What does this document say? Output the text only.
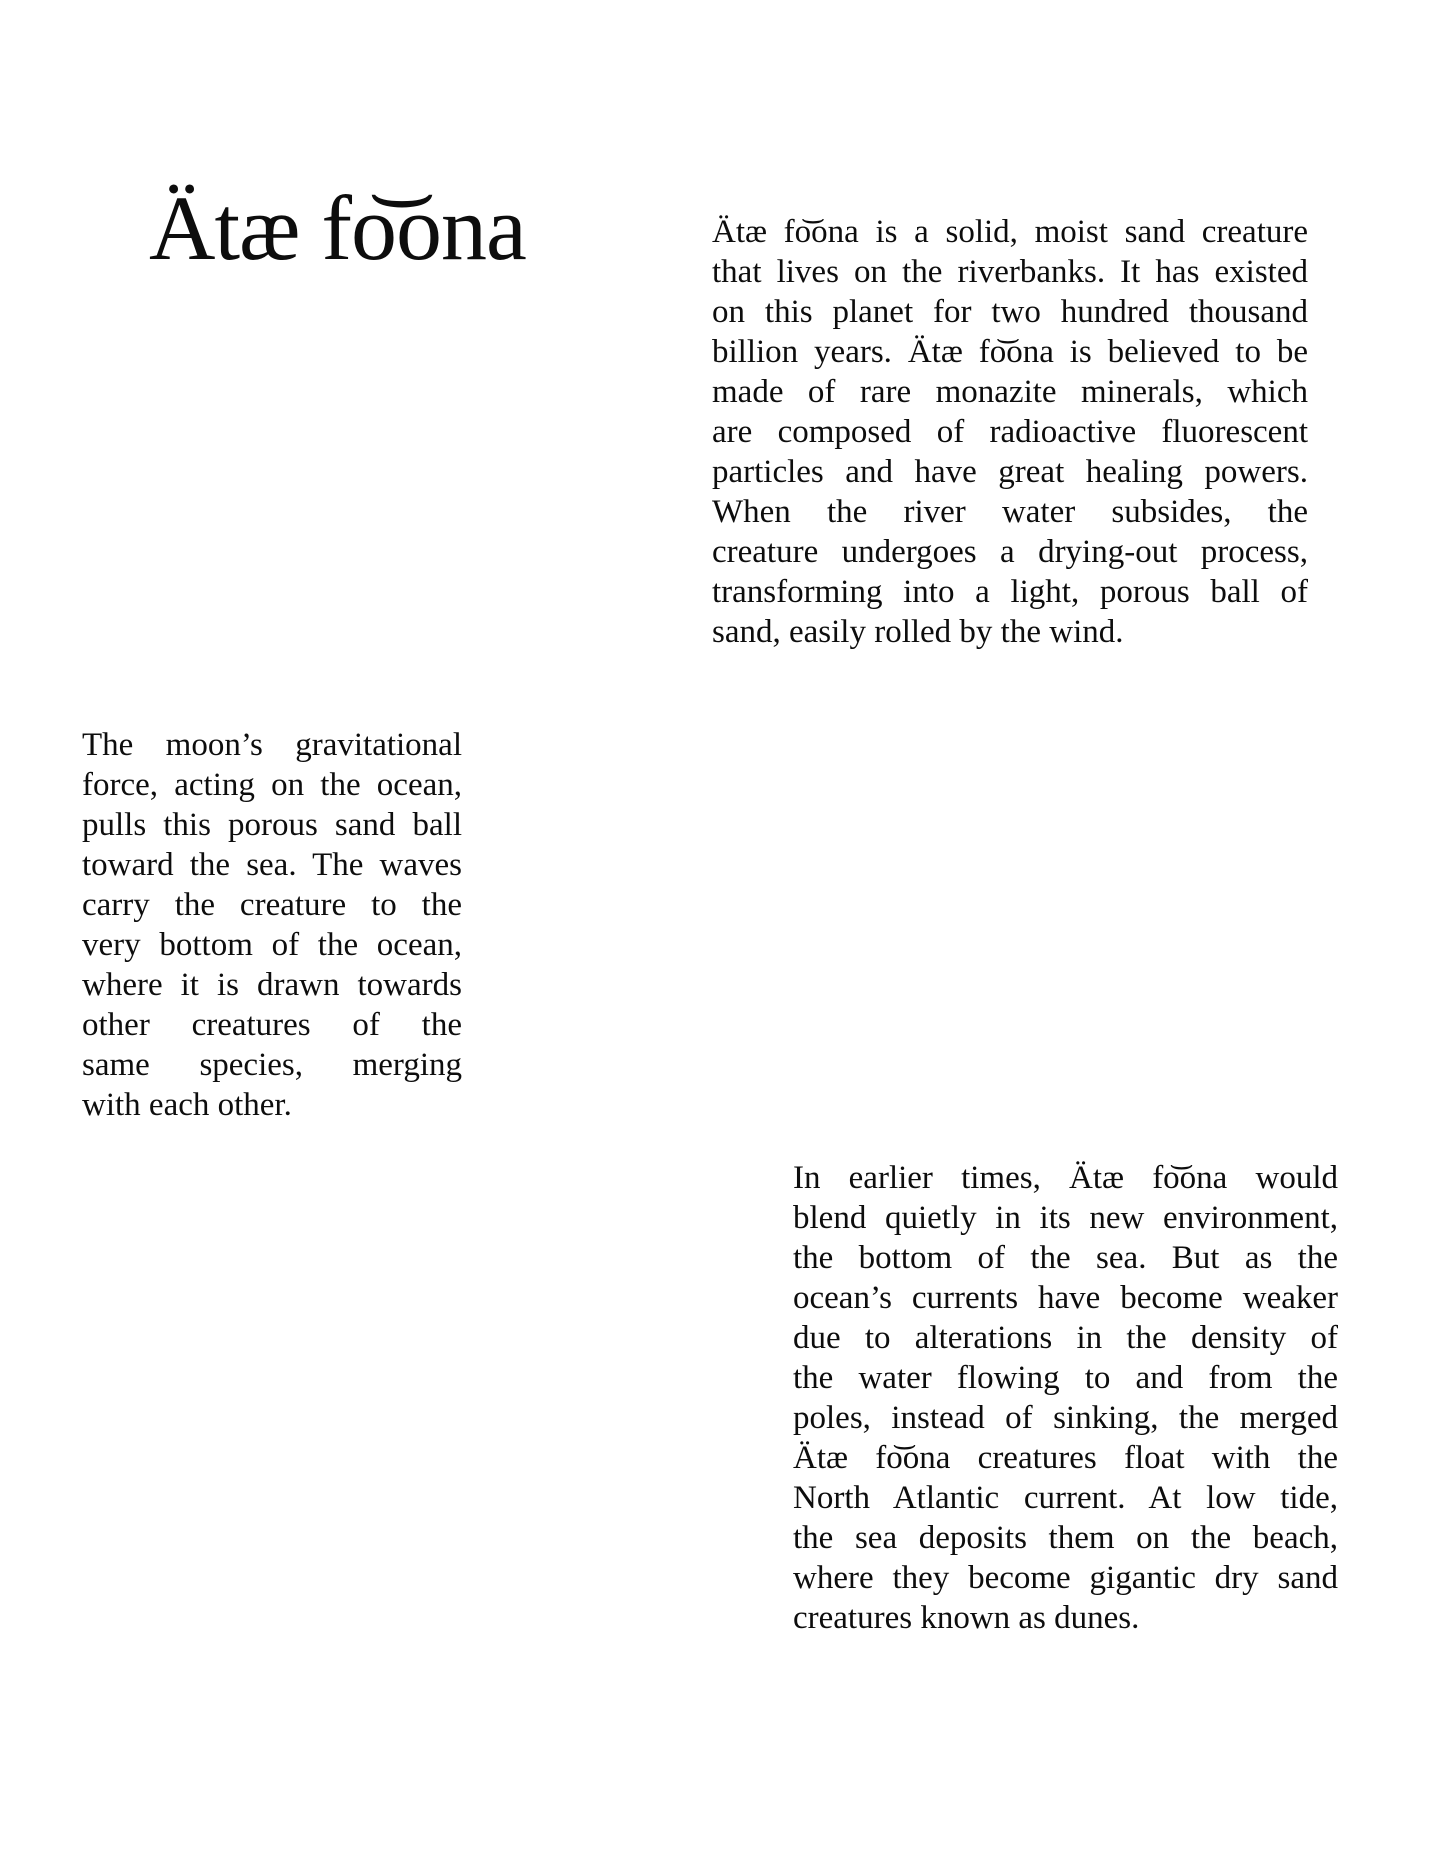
Ätæ fo͝ona	Ätæ fo͝ona is a solid, moist sand creature
that lives on the riverbanks. It has existed
on this planet for two hundred thousand
billion years. Ätæ fo͝ona is believed to be
made of rare monazite minerals, which
are composed of radioactive fluorescent
particles and have great healing powers.
When the river water subsides, the
creature undergoes a drying-out process,
transforming into a light, porous ball of
sand, easily rolled by the wind.
The moon’s gravitational
force, acting on the ocean,
pulls this porous sand ball
toward the sea. The waves
carry the creature to the
very bottom of the ocean,
where it is drawn towards
other creatures of the
same species, merging
with each other.
In earlier times, Ätæ fo͝ona would
blend quietly in its new environment,
the bottom of the sea. But as the
ocean’s currents have become weaker
due to alterations in the density of
the water flowing to and from the
poles, instead of sinking, the merged
Ätæ fo͝ona creatures float with the
North Atlantic current. At low tide,
the sea deposits them on the beach,
where they become gigantic dry sand
creatures known as dunes.
